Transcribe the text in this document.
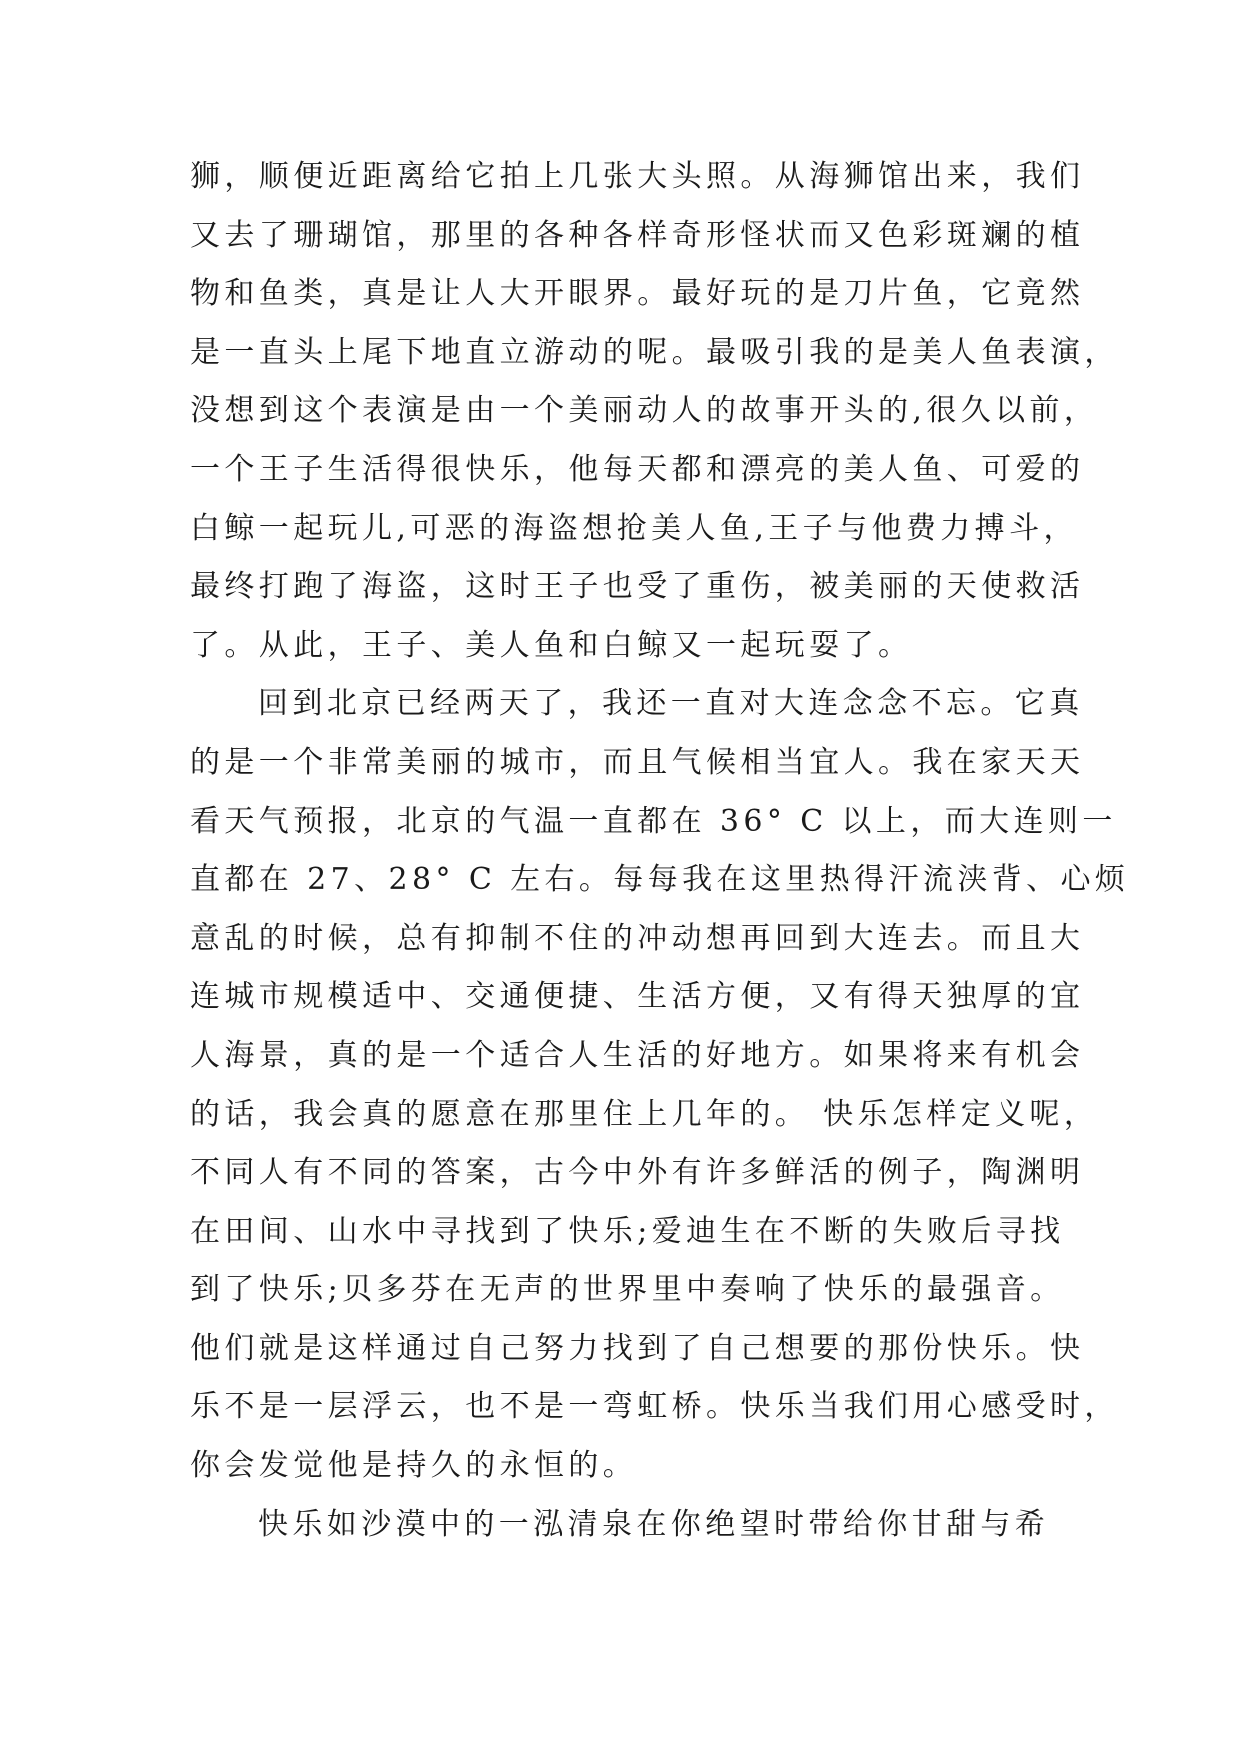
狮，顺便近距离给它拍上几张大头照。从海狮馆出来，我们
又去了珊瑚馆，那里的各种各样奇形怪状而又色彩斑斓的植
物和鱼类，真是让人大开眼界。最好玩的是刀片鱼，它竟然
是一直头上尾下地直立游动的呢。最吸引我的是美人鱼表演，
没想到这个表演是由一个美丽动人的故事开头的,很久以前，
一个王子生活得很快乐，他每天都和漂亮的美人鱼、可爱的
白鲸一起玩儿,可恶的海盗想抢美人鱼,王子与他费力搏斗，
最终打跑了海盗，这时王子也受了重伤，被美丽的天使救活
了。从此，王子、美人鱼和白鲸又一起玩耍了。
回到北京已经两天了，我还一直对大连念念不忘。它真
的是一个非常美丽的城市，而且气候相当宜人。我在家天天
看天气预报，北京的气温一直都在 36° C 以上，而大连则一
直都在 27、28° C 左右。每每我在这里热得汗流浃背、心烦
意乱的时候，总有抑制不住的冲动想再回到大连去。而且大
连城市规模适中、交通便捷、生活方便，又有得天独厚的宜
人海景，真的是一个适合人生活的好地方。如果将来有机会
的话，我会真的愿意在那里住上几年的。 快乐怎样定义呢，
不同人有不同的答案，古今中外有许多鲜活的例子，陶渊明
在田间、山水中寻找到了快乐;爱迪生在不断的失败后寻找
到了快乐;贝多芬在无声的世界里中奏响了快乐的最强音。
他们就是这样通过自己努力找到了自己想要的那份快乐。快
乐不是一层浮云，也不是一弯虹桥。快乐当我们用心感受时，
你会发觉他是持久的永恒的。
快乐如沙漠中的一泓清泉在你绝望时带给你甘甜与希
